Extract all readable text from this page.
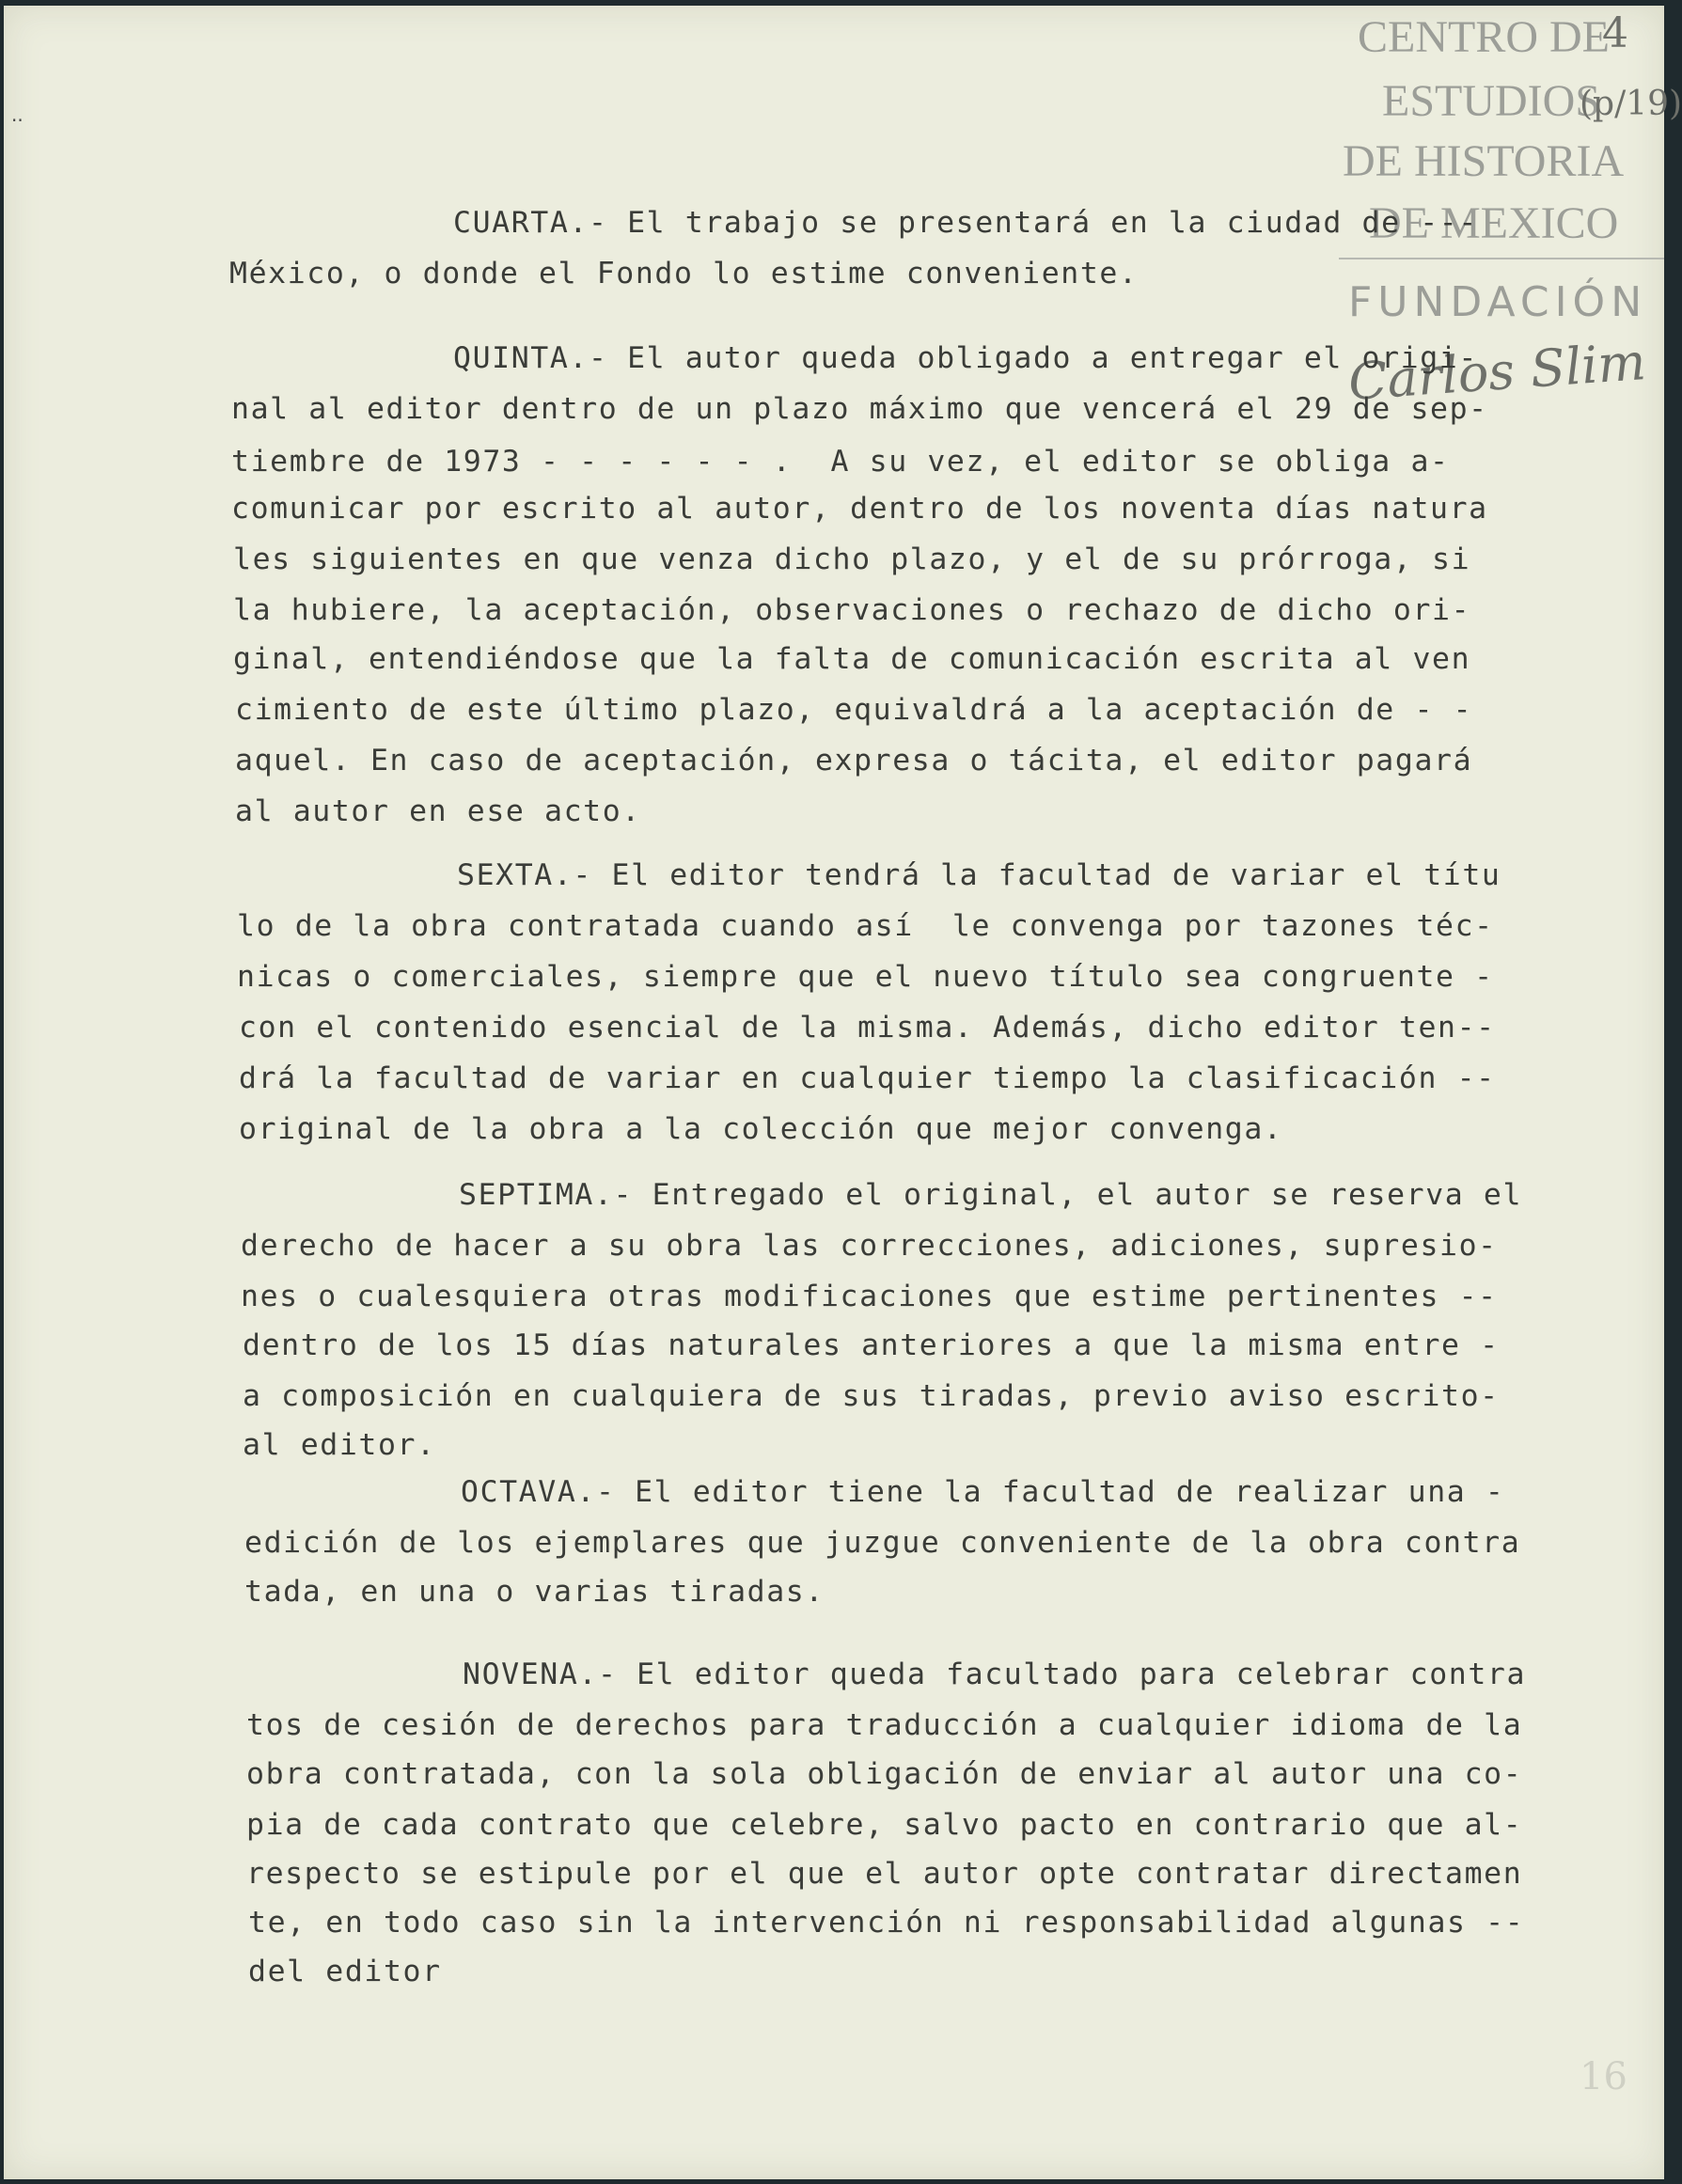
CENTRO DE
ESTUDIOS
DE HISTORIA
DE MEXICO
FUNDACIÓN
Carlos Slim
4
(p/19)
..
16
CUARTA.- El trabajo se presentará en la ciudad de ---
México, o donde el Fondo lo estime conveniente.
QUINTA.- El autor queda obligado a entregar el origi-
nal al editor dentro de un plazo máximo que vencerá el 29 de sep-
tiembre de 1973 - - - - - - .  A su vez, el editor se obliga a-
comunicar por escrito al autor, dentro de los noventa días natura
les siguientes en que venza dicho plazo, y el de su prórroga, si
la hubiere, la aceptación, observaciones o rechazo de dicho ori-
ginal, entendiéndose que la falta de comunicación escrita al ven
cimiento de este último plazo, equivaldrá a la aceptación de - -
aquel. En caso de aceptación, expresa o tácita, el editor pagará
al autor en ese acto.
SEXTA.- El editor tendrá la facultad de variar el títu
lo de la obra contratada cuando así  le convenga por tazones téc-
nicas o comerciales, siempre que el nuevo título sea congruente -
con el contenido esencial de la misma. Además, dicho editor ten--
drá la facultad de variar en cualquier tiempo la clasificación --
original de la obra a la colección que mejor convenga.
SEPTIMA.- Entregado el original, el autor se reserva el
derecho de hacer a su obra las correcciones, adiciones, supresio-
nes o cualesquiera otras modificaciones que estime pertinentes --
dentro de los 15 días naturales anteriores a que la misma entre -
a composición en cualquiera de sus tiradas, previo aviso escrito-
al editor.
OCTAVA.- El editor tiene la facultad de realizar una -
edición de los ejemplares que juzgue conveniente de la obra contra
tada, en una o varias tiradas.
NOVENA.- El editor queda facultado para celebrar contra
tos de cesión de derechos para traducción a cualquier idioma de la
obra contratada, con la sola obligación de enviar al autor una co-
pia de cada contrato que celebre, salvo pacto en contrario que al-
respecto se estipule por el que el autor opte contratar directamen
te, en todo caso sin la intervención ni responsabilidad algunas --
del editor
